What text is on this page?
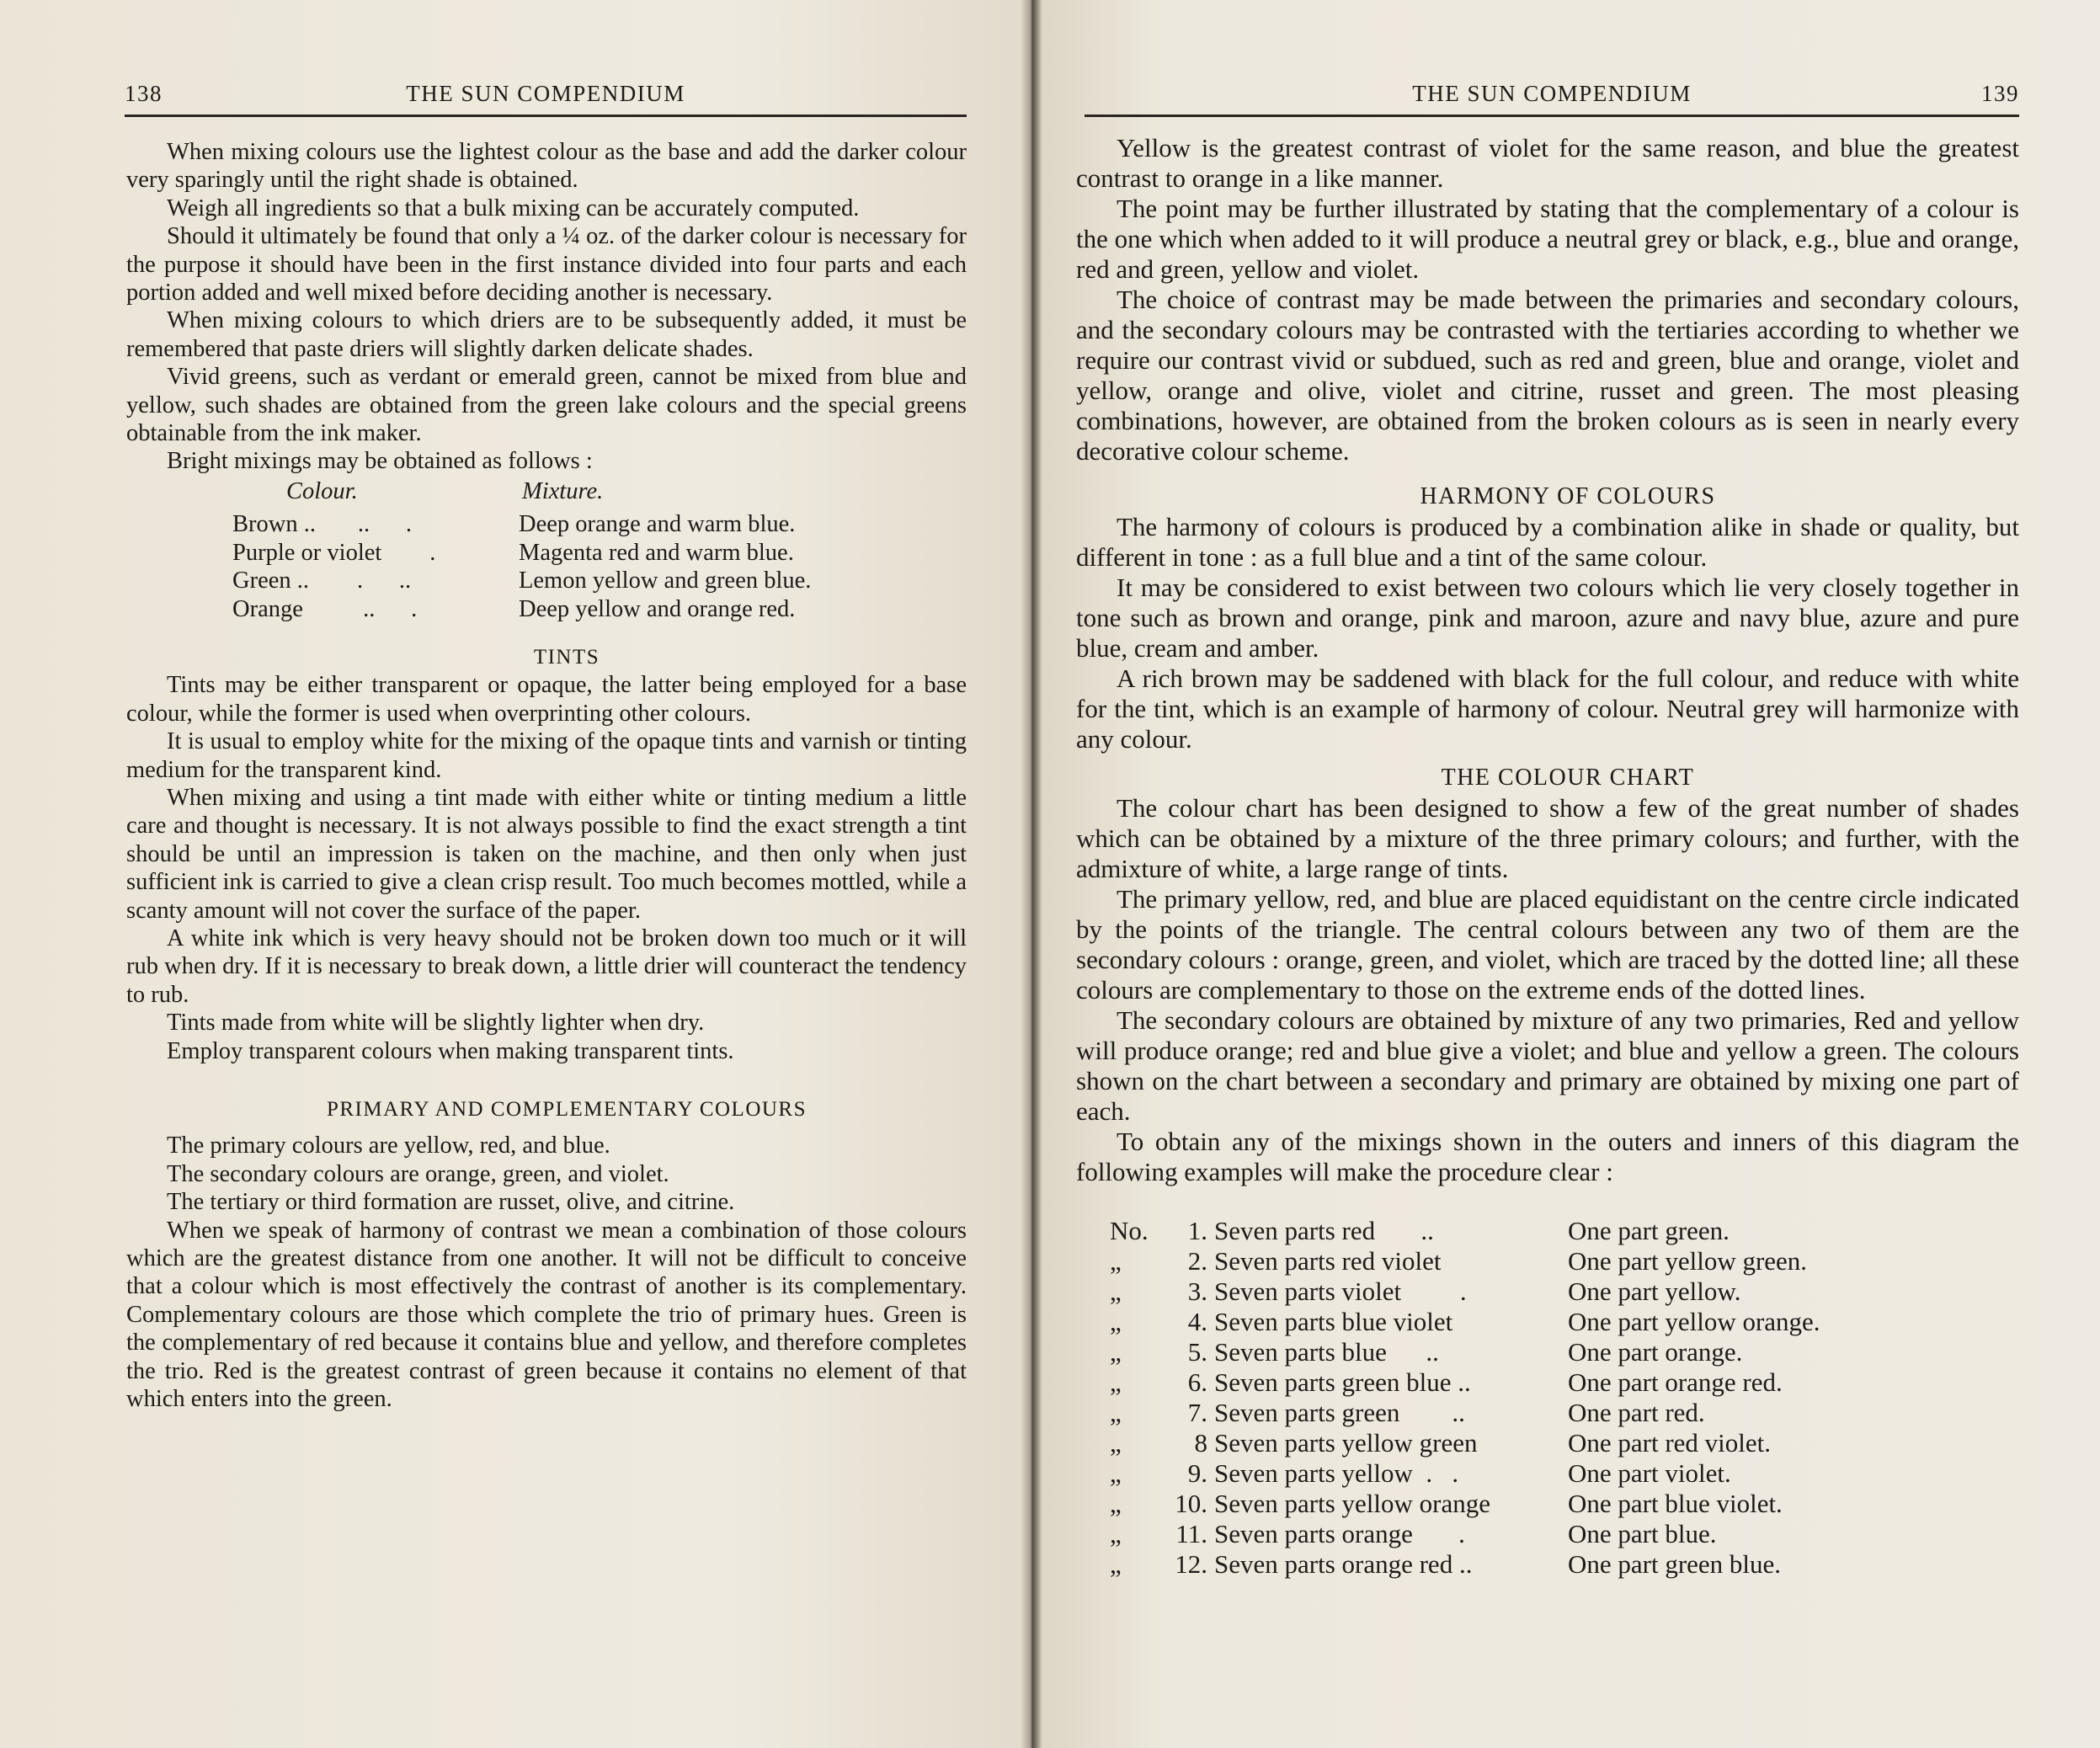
138	THE SUN COMPENDIUM

When mixing colours use the lightest colour as the base and add the darker colour very sparingly until the right shade is obtained.

Weigh all ingredients so that a bulk mixing can be accurately computed.

Should it ultimately be found that only a ¼ oz. of the darker colour is necessary for the purpose it should have been in the first instance divided into four parts and each portion added and well mixed before deciding another is necessary.

When mixing colours to which driers are to be subsequently added, it must be remembered that paste driers will slightly darken delicate shades.

Vivid greens, such as verdant or emerald green, cannot be mixed from blue and yellow, such shades are obtained from the green lake colours and the special greens obtainable from the ink maker.

Bright mixings may be obtained as follows :

Colour.	Mixture.
Brown ..       ..      .	Deep orange and warm blue.
Purple or violet        .	Magenta red and warm blue.
Green ..        .      ..	Lemon yellow and green blue.
Orange          ..      .	Deep yellow and orange red.

TINTS

Tints may be either transparent or opaque, the latter being employed for a base colour, while the former is used when overprinting other colours.

It is usual to employ white for the mixing of the opaque tints and varnish or tinting medium for the transparent kind.

When mixing and using a tint made with either white or tinting medium a little care and thought is necessary. It is not always possible to find the exact strength a tint should be until an impression is taken on the machine, and then only when just sufficient ink is carried to give a clean crisp result. Too much becomes mottled, while a scanty amount will not cover the surface of the paper.

A white ink which is very heavy should not be broken down too much or it will rub when dry. If it is necessary to break down, a little drier will counteract the tendency to rub.

Tints made from white will be slightly lighter when dry.

Employ transparent colours when making transparent tints.

PRIMARY AND COMPLEMENTARY COLOURS

The primary colours are yellow, red, and blue.

The secondary colours are orange, green, and violet.

The tertiary or third formation are russet, olive, and citrine.

When we speak of harmony of contrast we mean a combination of those colours which are the greatest distance from one another. It will not be difficult to conceive that a colour which is most effectively the contrast of another is its complementary. Complementary colours are those which complete the trio of primary hues. Green is the complementary of red because it contains blue and yellow, and therefore completes the trio. Red is the greatest contrast of green because it contains no element of that which enters into the green.

THE SUN COMPENDIUM	139

Yellow is the greatest contrast of violet for the same reason, and blue the greatest contrast to orange in a like manner.

The point may be further illustrated by stating that the complementary of a colour is the one which when added to it will produce a neutral grey or black, e.g., blue and orange, red and green, yellow and violet.

The choice of contrast may be made between the primaries and secondary colours, and the secondary colours may be contrasted with the tertiaries according to whether we require our contrast vivid or subdued, such as red and green, blue and orange, violet and yellow, orange and olive, violet and citrine, russet and green. The most pleasing combinations, however, are obtained from the broken colours as is seen in nearly every decorative colour scheme.

HARMONY OF COLOURS

The harmony of colours is produced by a combination alike in shade or quality, but different in tone : as a full blue and a tint of the same colour.

It may be considered to exist between two colours which lie very closely together in tone such as brown and orange, pink and maroon, azure and navy blue, azure and pure blue, cream and amber.

A rich brown may be saddened with black for the full colour, and reduce with white for the tint, which is an example of harmony of colour. Neutral grey will harmonize with any colour.

THE COLOUR CHART

The colour chart has been designed to show a few of the great number of shades which can be obtained by a mixture of the three primary colours; and further, with the admixture of white, a large range of tints.

The primary yellow, red, and blue are placed equidistant on the centre circle indicated by the points of the triangle. The central colours between any two of them are the secondary colours : orange, green, and violet, which are traced by the dotted line; all these colours are complementary to those on the extreme ends of the dotted lines.

The secondary colours are obtained by mixture of any two primaries, Red and yellow will produce orange; red and blue give a violet; and blue and yellow a green. The colours shown on the chart between a secondary and primary are obtained by mixing one part of each.

To obtain any of the mixings shown in the outers and inners of this diagram the following examples will make the procedure clear :

No.	1. Seven parts red       ..	One part green.
„	2. Seven parts red violet	One part yellow green.
„	3. Seven parts violet         .	One part yellow.
„	4. Seven parts blue violet	One part yellow orange.
„	5. Seven parts blue      ..	One part orange.
„	6. Seven parts green blue ..	One part orange red.
„	7. Seven parts green        ..	One part red.
„	8 Seven parts yellow green	One part red violet.
„	9. Seven parts yellow  .   .	One part violet.
„	10. Seven parts yellow orange	One part blue violet.
„	11. Seven parts orange       .	One part blue.
„	12. Seven parts orange red ..	One part green blue.
